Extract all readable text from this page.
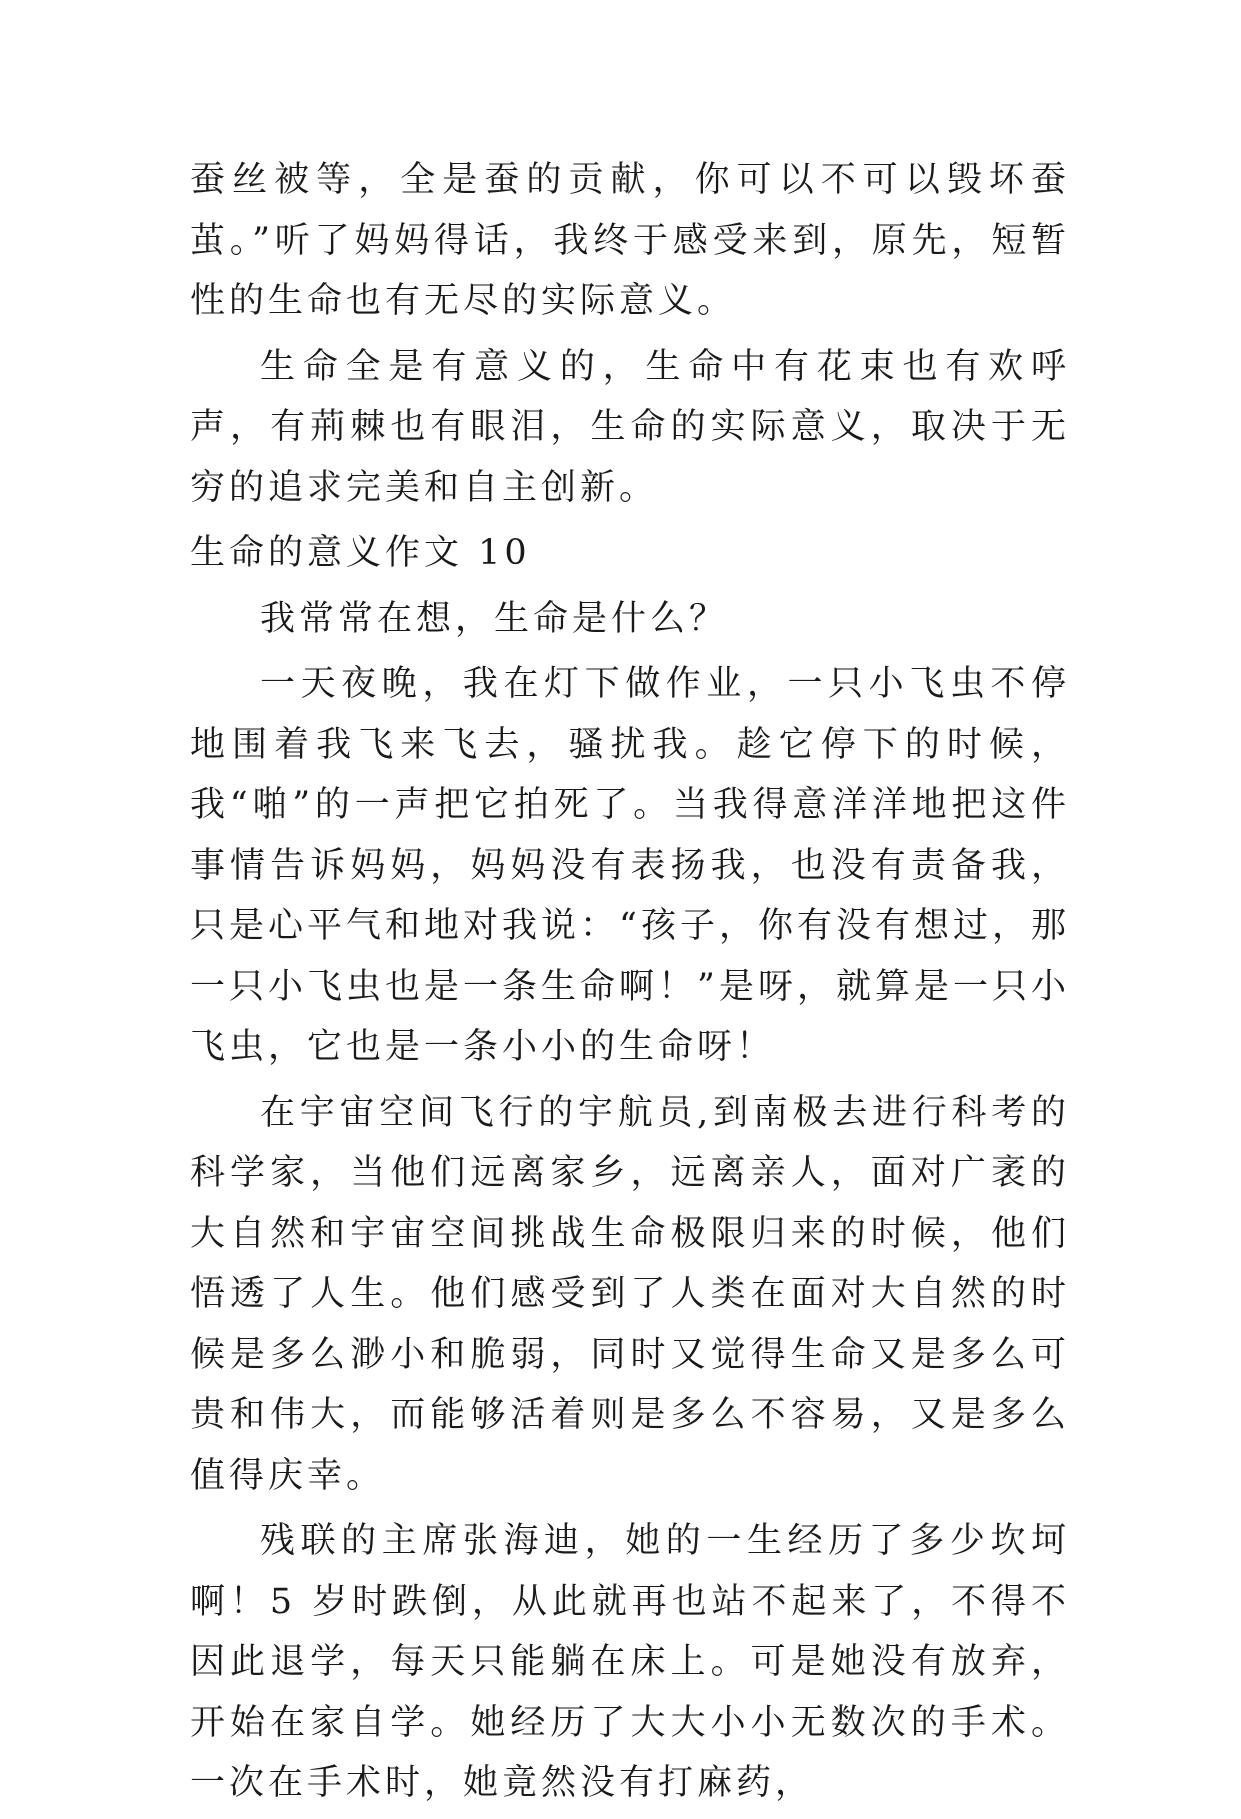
蚕丝被等，全是蚕的贡献，你可以不可以毁坏蚕茧。”听了妈妈得话，我终于感受来到，原先，短暂性的生命也有无尽的实际意义。

生命全是有意义的，生命中有花束也有欢呼声，有荊棘也有眼泪，生命的实际意义，取决于无穷的追求完美和自主创新。

生命的意义作文 10

我常常在想，生命是什么？

一天夜晚，我在灯下做作业，一只小飞虫不停地围着我飞来飞去，骚扰我。趁它停下的时候，我“啪”的一声把它拍死了。当我得意洋洋地把这件事情告诉妈妈，妈妈没有表扬我，也没有责备我，只是心平气和地对我说：“孩子，你有没有想过，那一只小飞虫也是一条生命啊！”是呀，就算是一只小飞虫，它也是一条小小的生命呀！

在宇宙空间飞行的宇航员,到南极去进行科考的科学家，当他们远离家乡，远离亲人，面对广袤的大自然和宇宙空间挑战生命极限归来的时候，他们悟透了人生。他们感受到了人类在面对大自然的时候是多么渺小和脆弱，同时又觉得生命又是多么可贵和伟大，而能够活着则是多么不容易，又是多么值得庆幸。

残联的主席张海迪，她的一生经历了多少坎坷啊！5 岁时跌倒，从此就再也站不起来了，不得不因此退学，每天只能躺在床上。可是她没有放弃，开始在家自学。她经历了大大小小无数次的手术。一次在手术时，她竟然没有打麻药，
